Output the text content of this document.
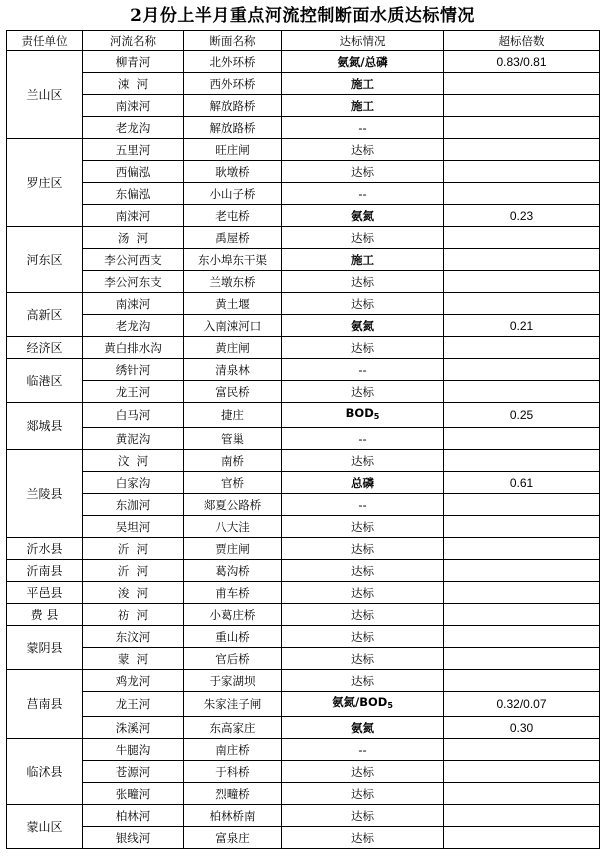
2月份上半月重点河流控制断面水质达标情况
责任单位	河流名称	断面名称	达标情况	超标倍数
兰山区	柳青河	北外环桥	氨氮/总磷	0.83/0.81
	涑  河	西外环桥	施工	
	南涑河	解放路桥	施工	
	老龙沟	解放路桥	--	
罗庄区	五里河	旺庄闸	达标	
	西偏泓	耿墩桥	达标	
	东偏泓	小山子桥	--	
	南涑河	老屯桥	氨氮	0.23
河东区	汤  河	禹屋桥	达标	
	李公河西支	东小埠东干渠	施工	
	李公河东支	兰墩东桥	达标	
高新区	南涑河	黄土堰	达标	
	老龙沟	入南涑河口	氨氮	0.21
经济区	黄白排水沟	黄庄闸	达标	
临港区	绣针河	清泉林	--	
	龙王河	富民桥	达标	
郯城县	白马河	捷庄	$BOD_5$	0.25
	黄泥沟	管巢	--	
兰陵县	汶  河	南桥	达标	
	白家沟	官桥	总磷	0.61
	东泇河	郯夏公路桥	--	
	吴坦河	八大洼	达标	
沂水县	沂  河	贾庄闸	达标	
沂南县	沂  河	葛沟桥	达标	
平邑县	浚  河	甫车桥	达标	
费 县	祊  河	小葛庄桥	达标	
蒙阴县	东汶河	重山桥	达标	
	蒙  河	官后桥	达标	
莒南县	鸡龙河	于家湖坝	达标	
	龙王河	朱家洼子闸	氨氮$/BOD_5$	0.32/0.07
	洙溪河	东高家庄	氨氮	0.30
临沭县	牛腿沟	南庄桥	--	
	苍源河	于科桥	达标	
	张疃河	烈疃桥	达标	
蒙山区	柏林河	柏林桥南	达标	
	银线河	富泉庄	达标	
